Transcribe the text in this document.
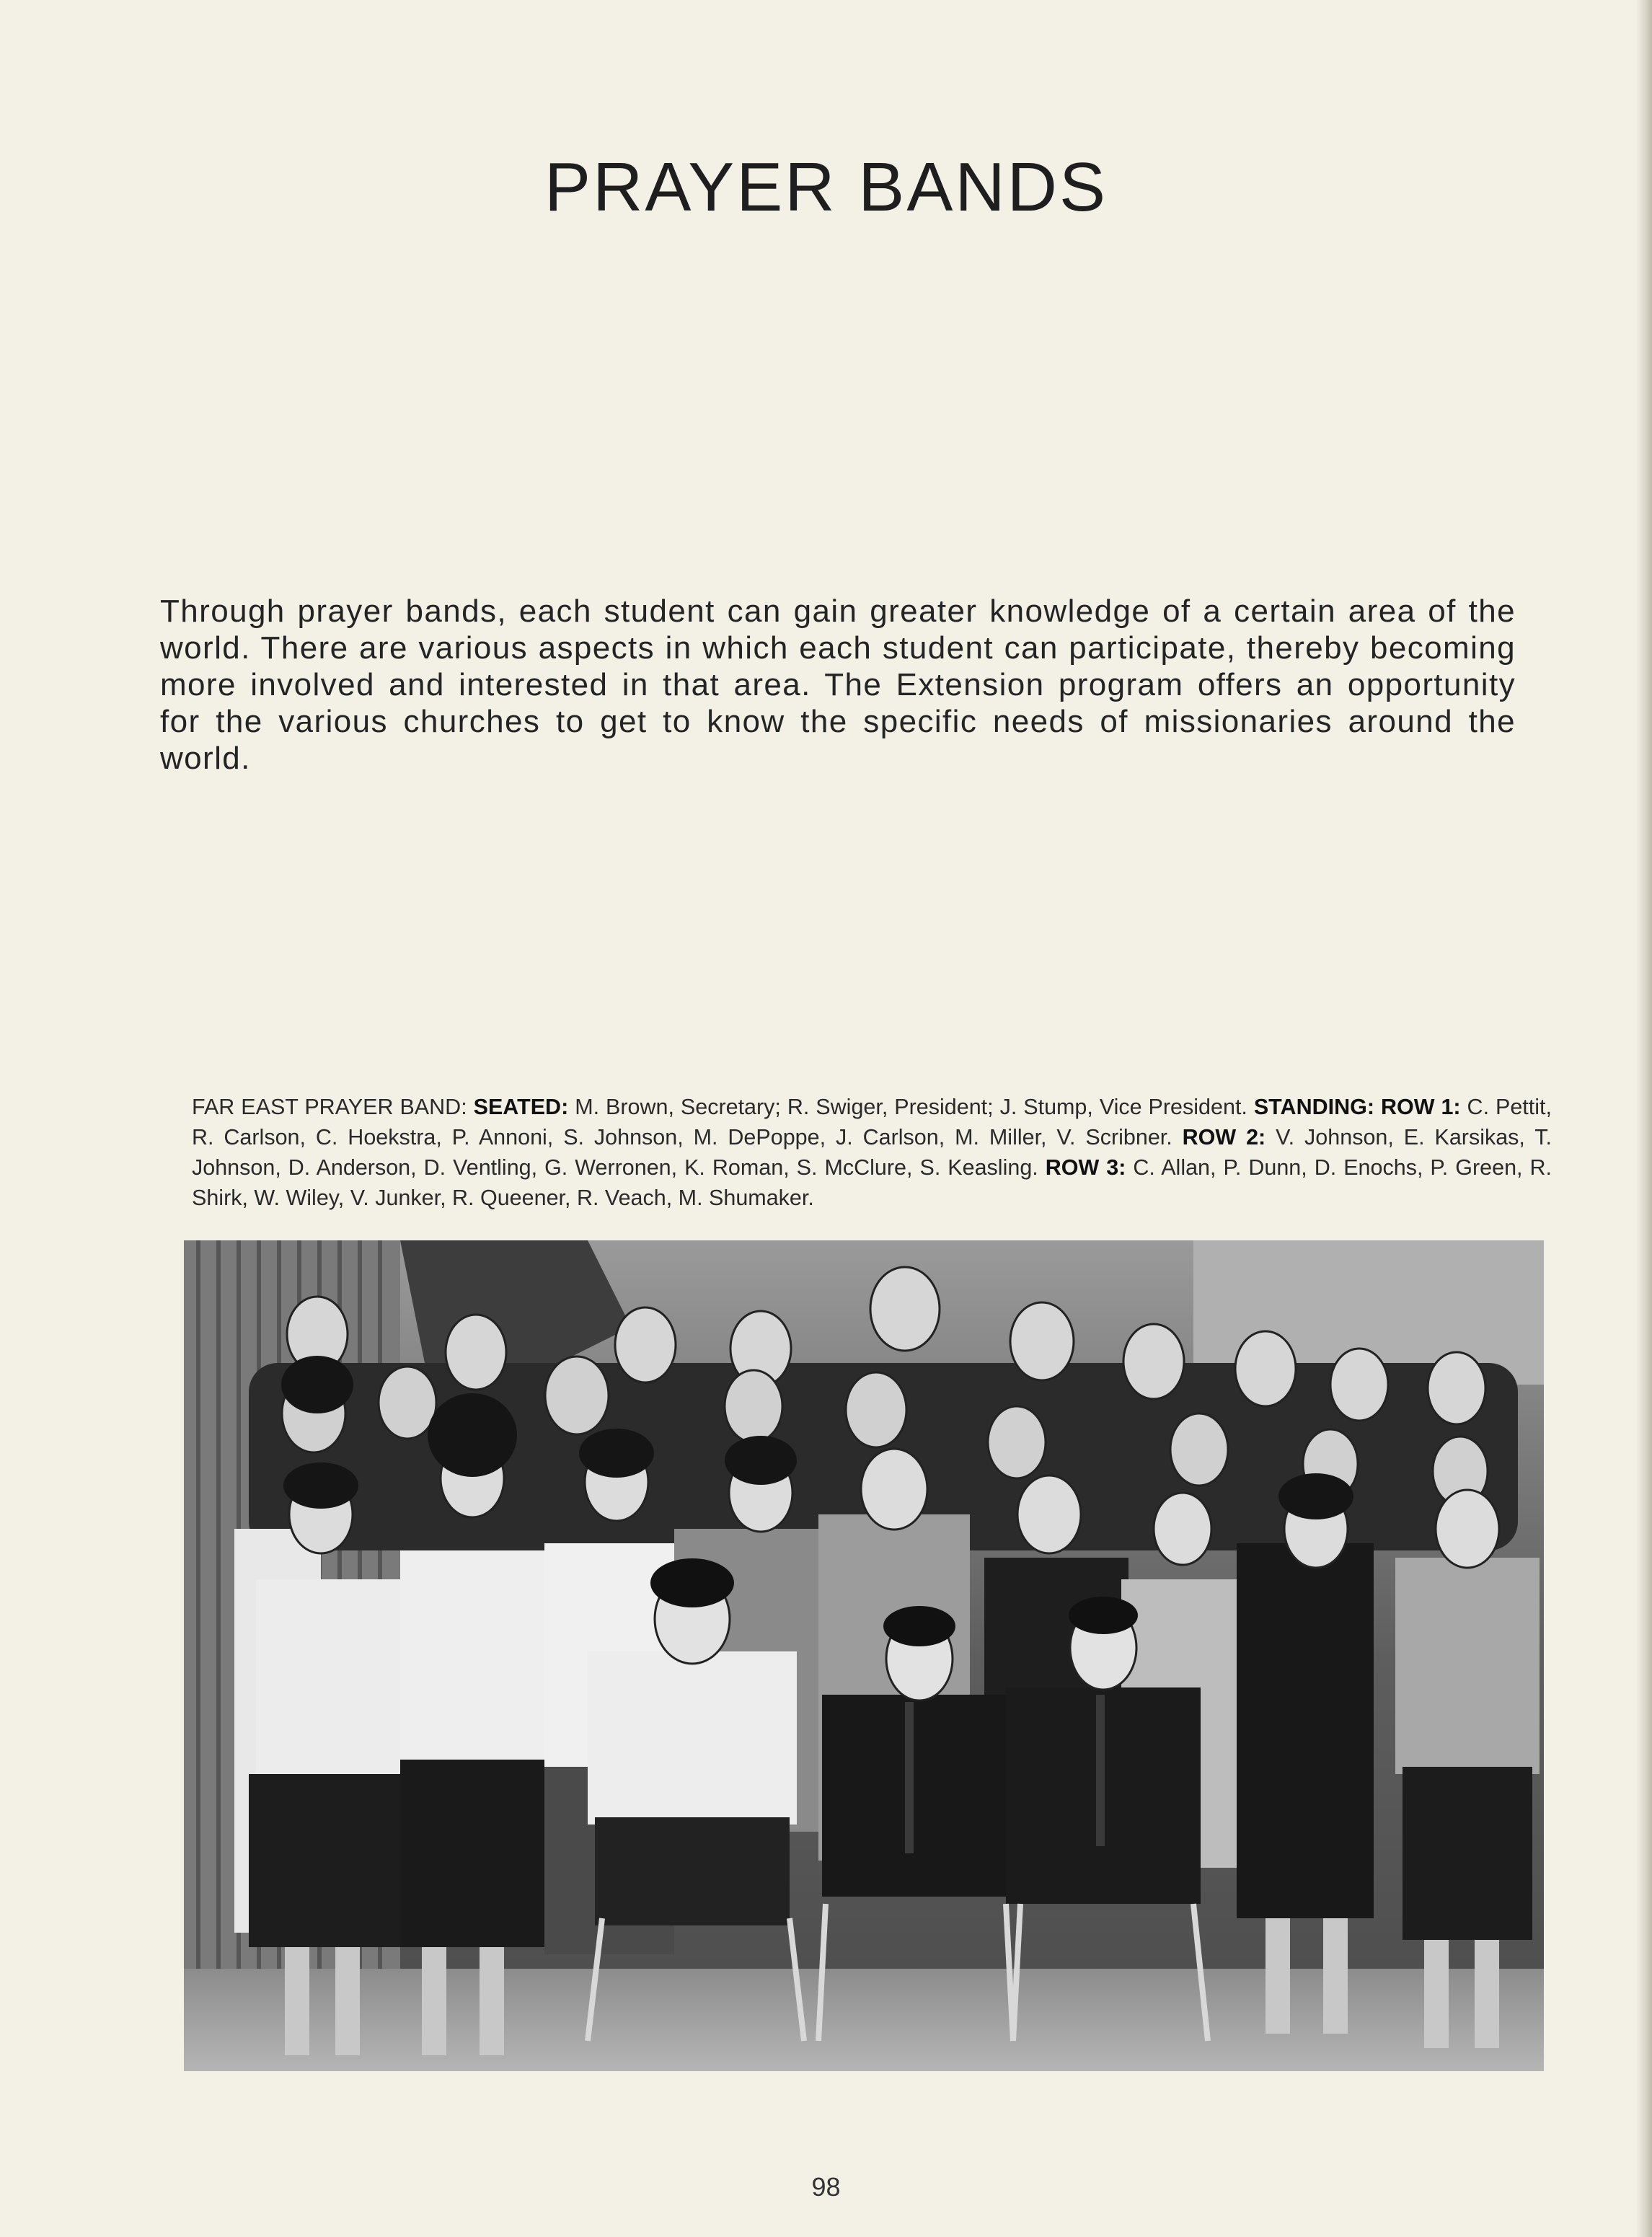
PRAYER BANDS

Through prayer bands, each student can gain greater knowledge of a certain area of the world. There are various aspects in which each student can participate, thereby becoming more involved and interested in that area. The Extension program offers an opportunity for the various churches to get to know the specific needs of missionaries around the world.

FAR EAST PRAYER BAND: SEATED: M. Brown, Secretary; R. Swiger, President; J. Stump, Vice President. STANDING: ROW 1: C. Pettit, R. Carlson, C. Hoekstra, P. Annoni, S. Johnson, M. DePoppe, J. Carlson, M. Miller, V. Scribner. ROW 2: V. Johnson, E. Karsikas, T. Johnson, D. Anderson, D. Ventling, G. Werronen, K. Roman, S. McClure, S. Keasling. ROW 3: C. Allan, P. Dunn, D. Enochs, P. Green, R. Shirk, W. Wiley, V. Junker, R. Queener, R. Veach, M. Shumaker.

98
